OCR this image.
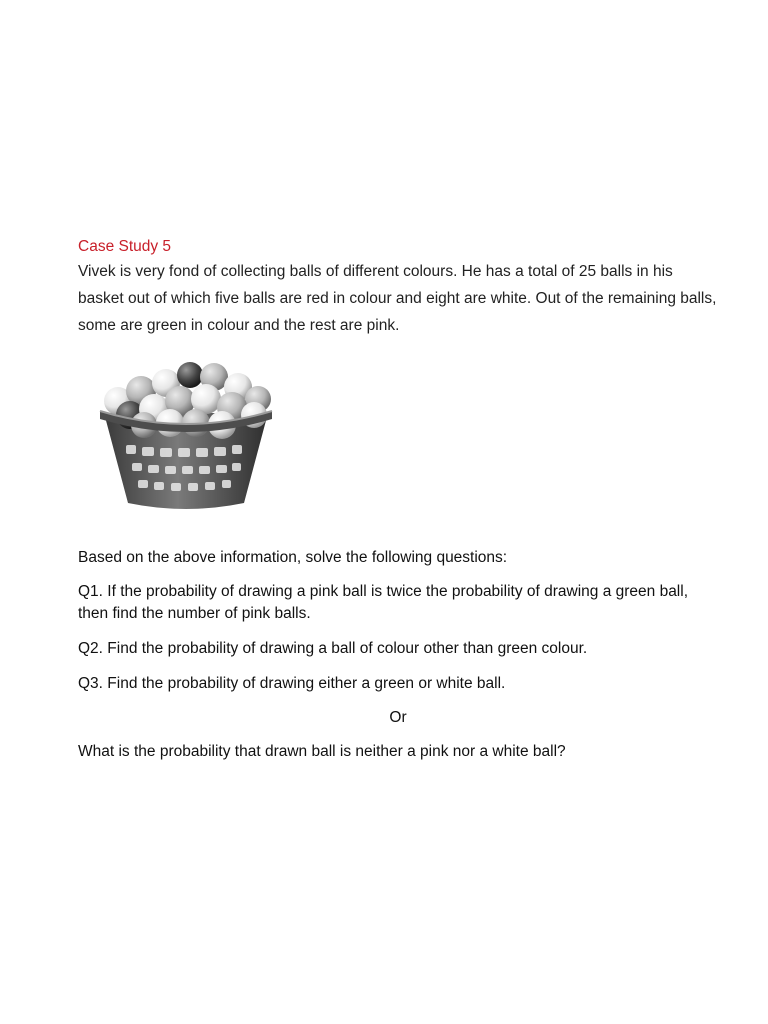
Case Study 5

Vivek is very fond of collecting balls of different colours. He has a total of 25 balls in his basket out of which five balls are red in colour and eight are white. Out of the remaining balls, some are green in colour and the rest are pink.

Based on the above information, solve the following questions:

Q1. If the probability of drawing a pink ball is twice the probability of drawing a green ball, then find the number of pink balls.

Q2. Find the probability of drawing a ball of colour other than green colour.

Q3. Find the probability of drawing either a green or white ball.

Or

What is the probability that drawn ball is neither a pink nor a white ball?
